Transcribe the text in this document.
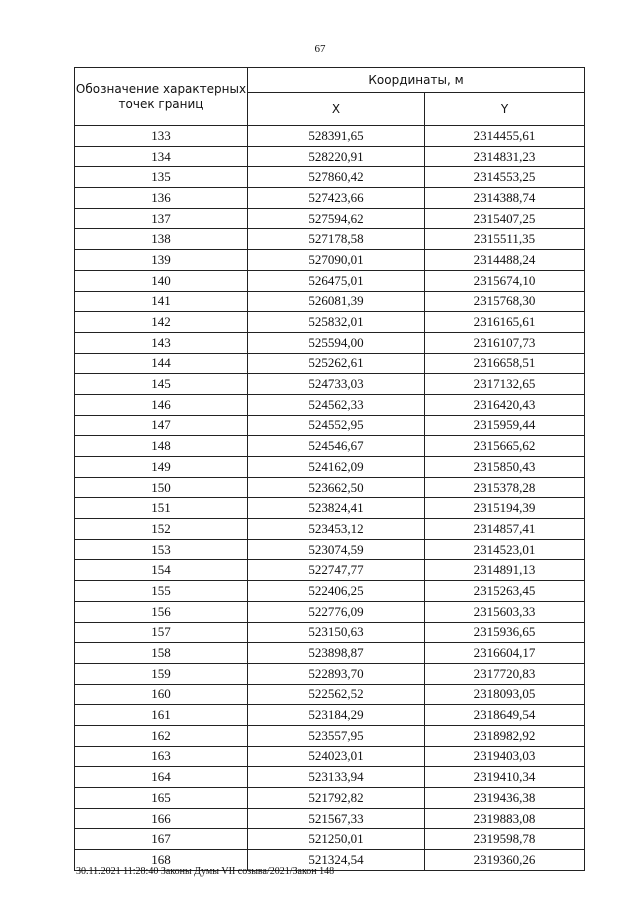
67
Обозначение характерных точек границ	Координаты, м	
	X	Y
133	528391,65	2314455,61
134	528220,91	2314831,23
135	527860,42	2314553,25
136	527423,66	2314388,74
137	527594,62	2315407,25
138	527178,58	2315511,35
139	527090,01	2314488,24
140	526475,01	2315674,10
141	526081,39	2315768,30
142	525832,01	2316165,61
143	525594,00	2316107,73
144	525262,61	2316658,51
145	524733,03	2317132,65
146	524562,33	2316420,43
147	524552,95	2315959,44
148	524546,67	2315665,62
149	524162,09	2315850,43
150	523662,50	2315378,28
151	523824,41	2315194,39
152	523453,12	2314857,41
153	523074,59	2314523,01
154	522747,77	2314891,13
155	522406,25	2315263,45
156	522776,09	2315603,33
157	523150,63	2315936,65
158	523898,87	2316604,17
159	522893,70	2317720,83
160	522562,52	2318093,05
161	523184,29	2318649,54
162	523557,95	2318982,92
163	524023,01	2319403,03
164	523133,94	2319410,34
165	521792,82	2319436,38
166	521567,33	2319883,08
167	521250,01	2319598,78
168	521324,54	2319360,26
30.11.2021 11:28:40 Законы Думы VII созыва/2021/Закон 148
